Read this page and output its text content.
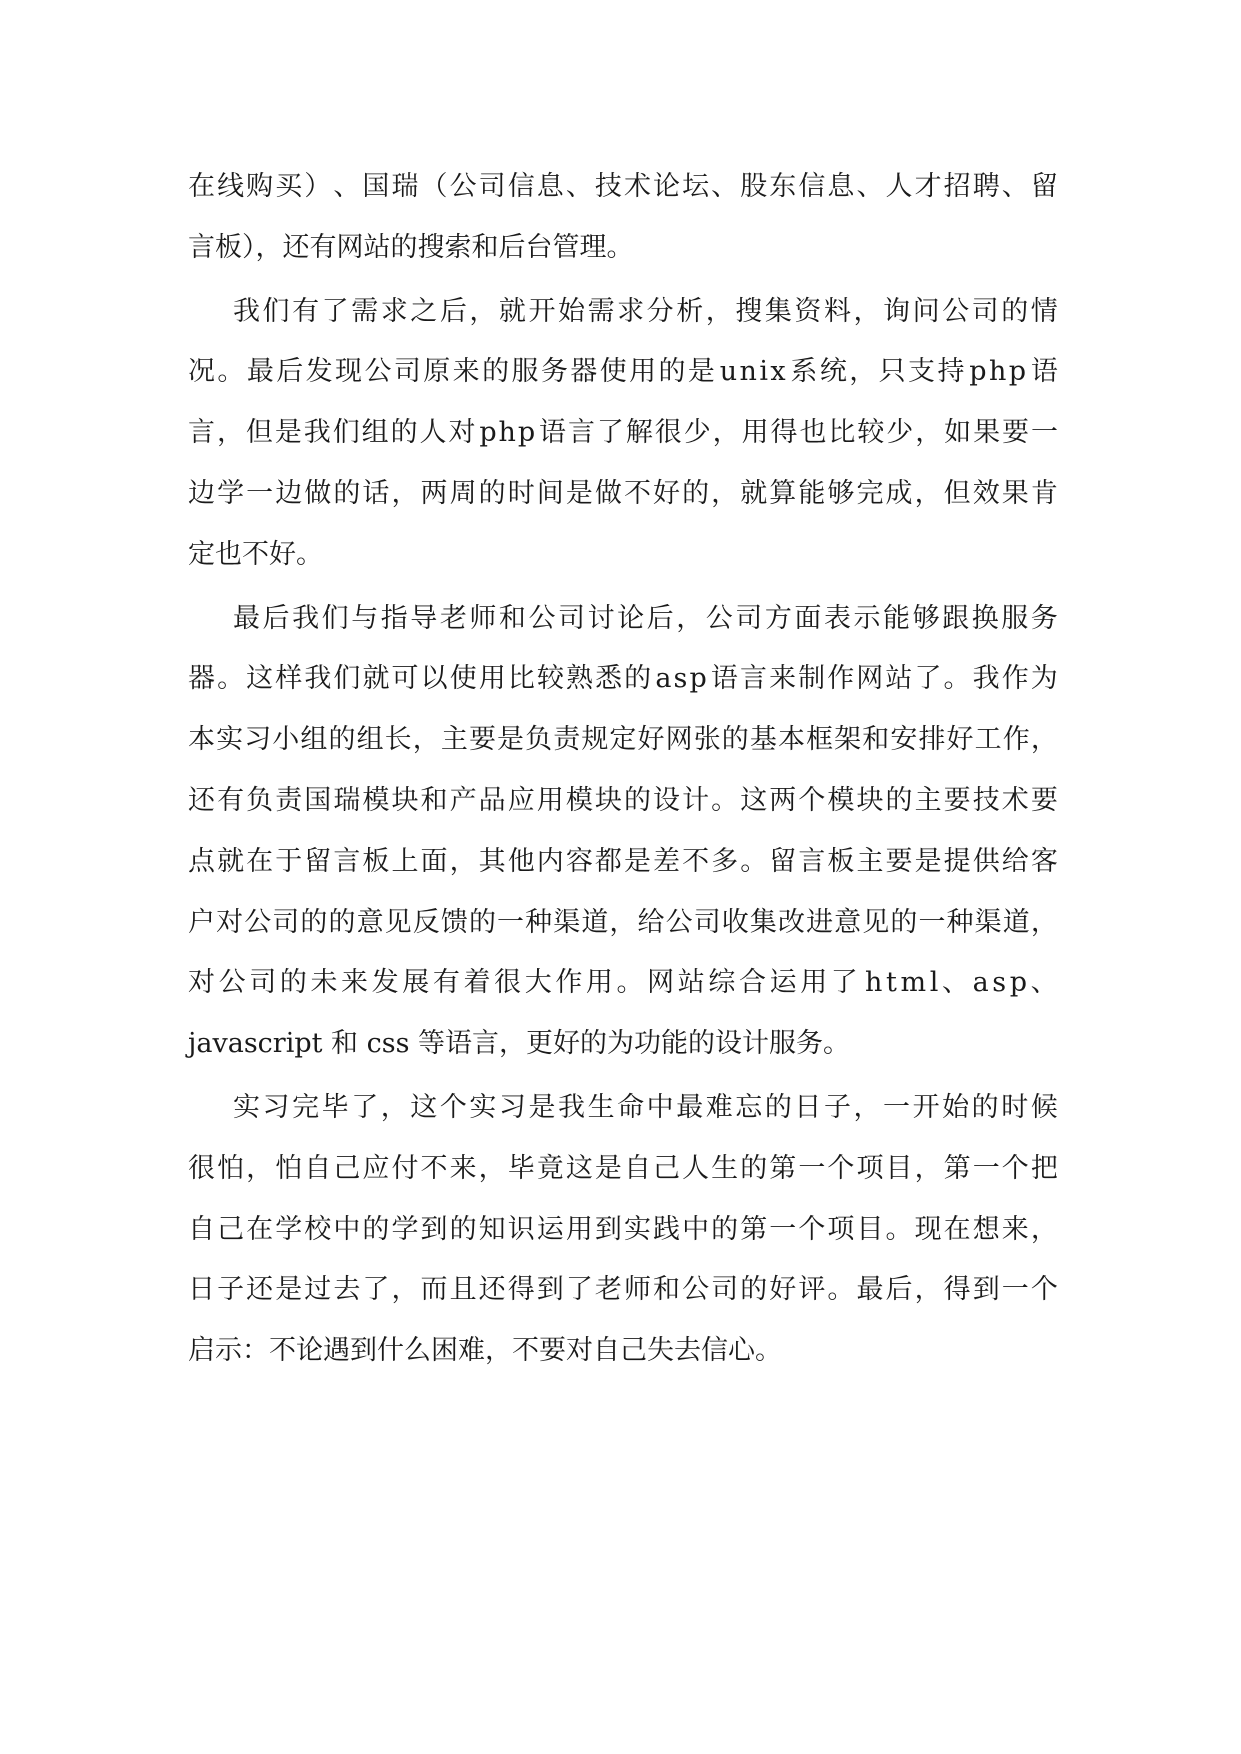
在 线 购 买 ） 、 国 瑞 （ 公 司 信 息 、 技 术 论 坛 、 股 东 信 息 、 人 才 招 聘 、 留
言板），还有网站的搜索和后台管理。
我 们 有 了 需 求 之 后 ， 就 开 始 需 求 分 析 ， 搜 集 资 料 ， 询 问 公 司 的 情
况 。 最 后 发 现 公 司 原 来 的 服 务 器 使 用 的 是 u n i x 系 统 ， 只 支 持 p h p 语
言 ， 但 是 我 们 组 的 人 对 p h p 语 言 了 解 很 少 ， 用 得 也 比 较 少 ， 如 果 要 一
边 学 一 边 做 的 话 ， 两 周 的 时 间 是 做 不 好 的 ， 就 算 能 够 完 成 ， 但 效 果 肯
定也不好。
最 后 我 们 与 指 导 老 师 和 公 司 讨 论 后 ， 公 司 方 面 表 示 能 够 跟 换 服 务
器 。 这 样 我 们 就 可 以 使 用 比 较 熟 悉 的 a s p 语 言 来 制 作 网 站 了 。 我 作 为
本 实 习 小 组 的 组 长 ， 主 要 是 负 责 规 定 好 网 张 的 基 本 框 架 和 安 排 好 工 作 ，
还 有 负 责 国 瑞 模 块 和 产 品 应 用 模 块 的 设 计 。 这 两 个 模 块 的 主 要 技 术 要
点 就 在 于 留 言 板 上 面 ， 其 他 内 容 都 是 差 不 多 。 留 言 板 主 要 是 提 供 给 客
户 对 公 司 的 的 意 见 反 馈 的 一 种 渠 道 ， 给 公 司 收 集 改 进 意 见 的 一 种 渠 道 ，
对 公 司 的 未 来 发 展 有 着 很 大 作 用 。 网 站 综 合 运 用 了 h t m l 、 a s p 、
javascript 和 css 等语言，更好的为功能的设计服务。
实 习 完 毕 了 ， 这 个 实 习 是 我 生 命 中 最 难 忘 的 日 子 ， 一 开 始 的 时 候
很 怕 ， 怕 自 己 应 付 不 来 ， 毕 竟 这 是 自 己 人 生 的 第 一 个 项 目 ， 第 一 个 把
自 己 在 学 校 中 的 学 到 的 知 识 运 用 到 实 践 中 的 第 一 个 项 目 。 现 在 想 来 ，
日 子 还 是 过 去 了 ， 而 且 还 得 到 了 老 师 和 公 司 的 好 评 。 最 后 ， 得 到 一 个
启示：不论遇到什么困难，不要对自己失去信心。
